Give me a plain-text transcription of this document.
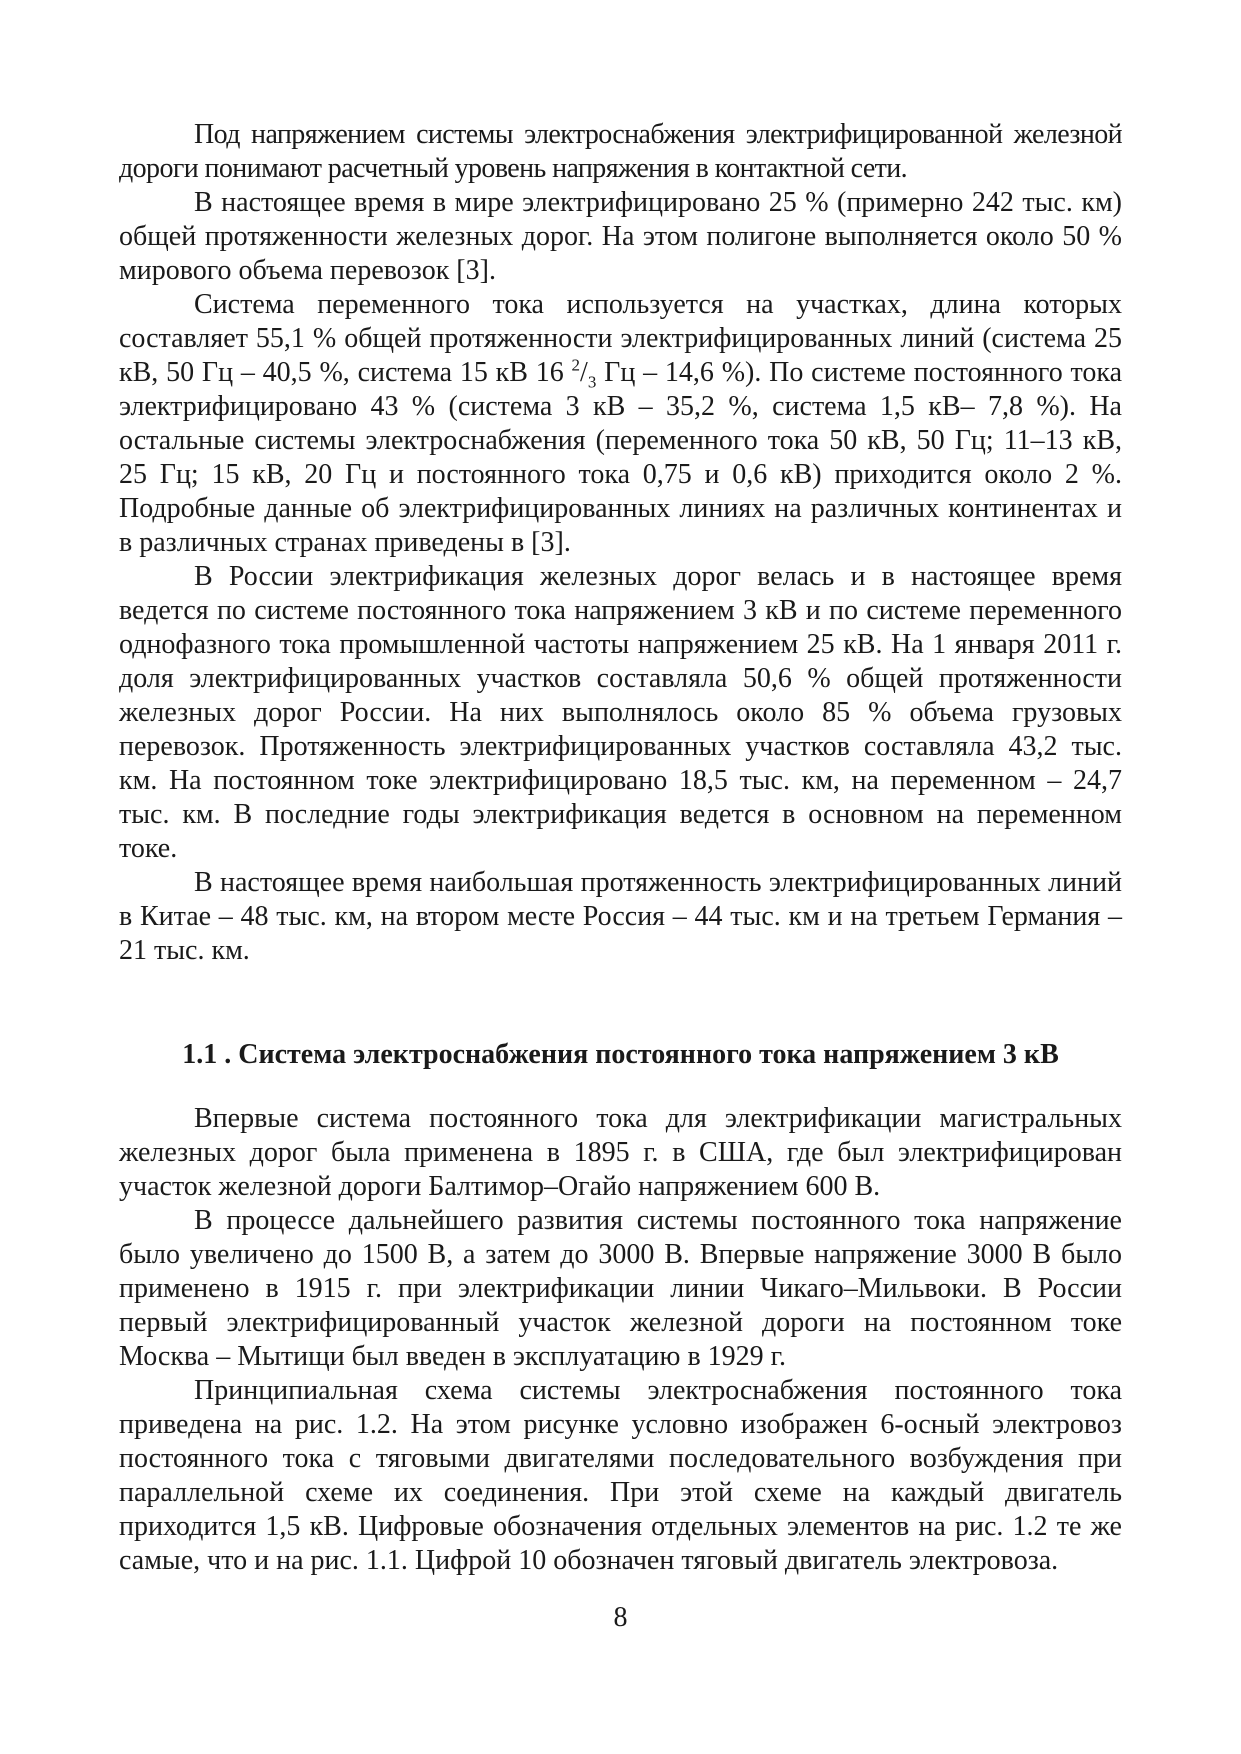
Под напряжением системы электроснабжения электрифицированной железной дороги понимают расчетный уровень напряжения в контактной сети.

В настоящее время в мире электрифицировано 25 % (примерно 242 тыс. км) общей протяженности железных дорог. На этом полигоне выполняется около 50 % мирового объема перевозок [3].

Система переменного тока используется на участках, длина которых составляет 55,1 % общей протяженности электрифицированных линий (система 25 кВ, 50 Гц – 40,5 %, система 15 кВ 16 $^2/_3$ Гц – 14,6 %). По системе постоянного тока электрифицировано 43 % (система 3 кВ – 35,2 %, система 1,5 кВ– 7,8 %). На остальные системы электроснабжения (переменного тока 50 кВ, 50 Гц; 11–13 кВ, 25 Гц; 15 кВ, 20 Гц и постоянного тока 0,75 и 0,6 кВ) приходится около 2 %. Подробные данные об электрифицированных линиях на различных континентах и в различных странах приведены в [3].

В России электрификация железных дорог велась и в настоящее время ведется по системе постоянного тока напряжением 3 кВ и по системе переменного однофазного тока промышленной частоты напряжением 25 кВ. На 1 января 2011 г. доля электрифицированных участков составляла 50,6 % общей протяженности железных дорог России. На них выполнялось около 85 % объема грузовых перевозок. Протяженность электрифицированных участков составляла 43,2 тыс. км. На постоянном токе электрифицировано 18,5 тыс. км, на переменном – 24,7 тыс. км. В последние годы электрификация ведется в основном на переменном токе.

В настоящее время наибольшая протяженность электрифицированных линий в Китае – 48 тыс. км, на втором месте Россия – 44 тыс. км и на третьем Германия – 21 тыс. км.

1.1 . Система электроснабжения постоянного тока напряжением 3 кВ

Впервые система постоянного тока для электрификации магистральных железных дорог была применена в 1895 г. в США, где был электрифицирован участок железной дороги Балтимор–Огайо напряжением 600 В.

В процессе дальнейшего развития системы постоянного тока напряжение было увеличено до 1500 В, а затем до 3000 В. Впервые напряжение 3000 В было применено в 1915 г. при электрификации линии Чикаго–Мильвоки. В России первый электрифицированный участок железной дороги на постоянном токе Москва – Мытищи был введен в эксплуатацию в 1929 г.

Принципиальная схема системы электроснабжения постоянного тока приведена на рис. 1.2. На этом рисунке условно изображен 6-осный электровоз постоянного тока с тяговыми двигателями последовательного возбуждения при параллельной схеме их соединения. При этой схеме на каждый двигатель приходится 1,5 кВ. Цифровые обозначения отдельных элементов на рис. 1.2 те же самые, что и на рис. 1.1. Цифрой 10 обозначен тяговый двигатель электровоза.

8
